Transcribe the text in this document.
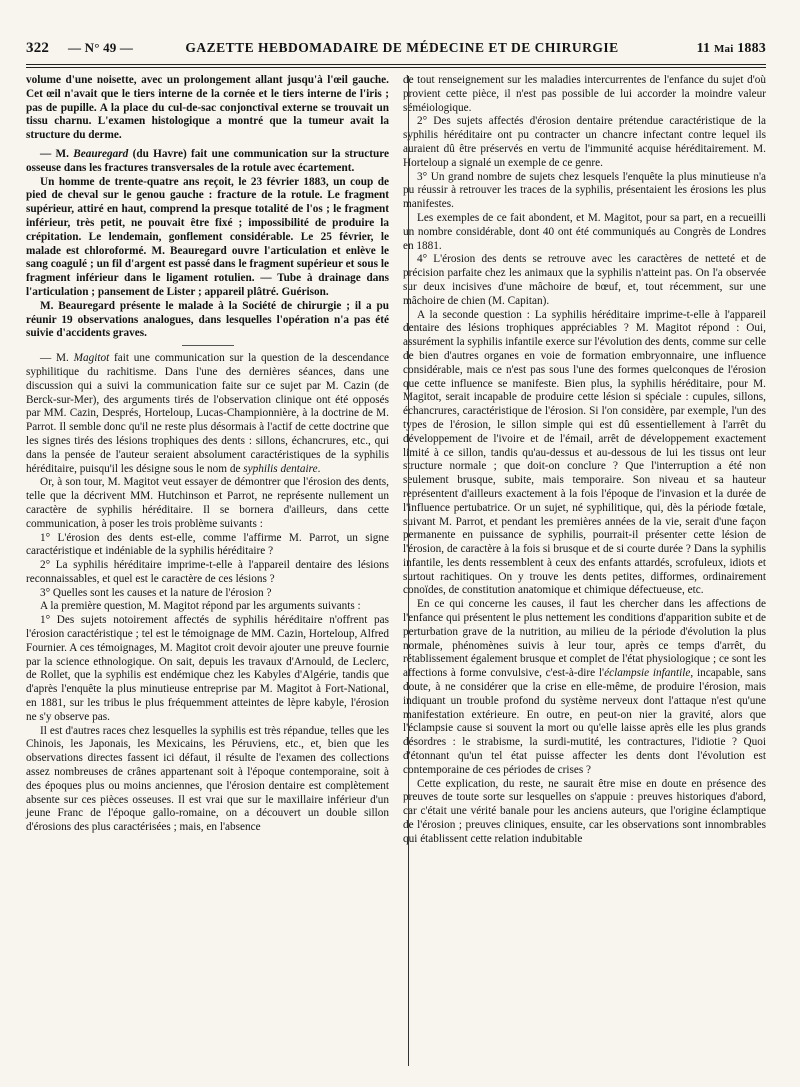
322	— N° 49 —	GAZETTE HEBDOMADAIRE DE MÉDECINE ET DE CHIRURGIE	11 Mai 1883

volume d'une noisette, avec un prolongement allant jusqu'à l'œil gauche. Cet œil n'avait que le tiers interne de la cornée et le tiers interne de l'iris ; pas de pupille. A la place du cul-de-sac conjonctival externe se trouvait un tissu charnu. L'examen histologique a montré que la tumeur avait la structure du derme.

— M. Beauregard (du Havre) fait une communication sur la structure osseuse dans les fractures transversales de la rotule avec écartement.

Un homme de trente-quatre ans reçoit, le 23 février 1883, un coup de pied de cheval sur le genou gauche : fracture de la rotule. Le fragment supérieur, attiré en haut, comprend la presque totalité de l'os ; le fragment inférieur, très petit, ne pouvait être fixé ; impossibilité de produire la crépitation. Le lendemain, gonflement considérable. Le 25 février, le malade est chloroformé. M. Beauregard ouvre l'articulation et enlève le sang coagulé ; un fil d'argent est passé dans le fragment supérieur et sous le fragment inférieur dans le ligament rotulien. — Tube à drainage dans l'articulation ; pansement de Lister ; appareil plâtré. Guérison.

M. Beauregard présente le malade à la Société de chirurgie ; il a pu réunir 19 observations analogues, dans lesquelles l'opération n'a pas été suivie d'accidents graves.

— M. Magitot fait une communication sur la question de la descendance syphilitique du rachitisme. Dans l'une des dernières séances, dans une discussion qui a suivi la communication faite sur ce sujet par M. Cazin (de Berck-sur-Mer), des arguments tirés de l'observation clinique ont été opposés par MM. Cazin, Després, Horteloup, Lucas-Championnière, à la doctrine de M. Parrot. Il semble donc qu'il ne reste plus désormais à l'actif de cette doctrine que les signes tirés des lésions trophiques des dents : sillons, échancrures, etc., qui dans la pensée de l'auteur seraient absolument caractéristiques de la syphilis héréditaire, puisqu'il les désigne sous le nom de syphilis dentaire.

Or, à son tour, M. Magitot veut essayer de démontrer que l'érosion des dents, telle que la décrivent MM. Hutchinson et Parrot, ne représente nullement un caractère de syphilis héréditaire. Il se bornera d'ailleurs, dans cette communication, à poser les trois problème suivants :

1° L'érosion des dents est-elle, comme l'affirme M. Parrot, un signe caractéristique et indéniable de la syphilis héréditaire ?

2° La syphilis héréditaire imprime-t-elle à l'appareil dentaire des lésions reconnaissables, et quel est le caractère de ces lésions ?

3° Quelles sont les causes et la nature de l'érosion ?

A la première question, M. Magitot répond par les arguments suivants :

1° Des sujets notoirement affectés de syphilis héréditaire n'offrent pas l'érosion caractéristique ; tel est le témoignage de MM. Cazin, Horteloup, Alfred Fournier. A ces témoignages, M. Magitot croit devoir ajouter une preuve fournie par la science ethnologique. On sait, depuis les travaux d'Arnould, de Leclerc, de Rollet, que la syphilis est endémique chez les Kabyles d'Algérie, tandis que d'après l'enquête la plus minutieuse entreprise par M. Magitot à Fort-National, en 1881, sur les tribus le plus fréquemment atteintes de lèpre kabyle, l'érosion ne s'y observe pas.

Il est d'autres races chez lesquelles la syphilis est très répandue, telles que les Chinois, les Japonais, les Mexicains, les Péruviens, etc., et, bien que les observations directes fassent ici défaut, il résulte de l'examen des collections assez nombreuses de crânes appartenant soit à l'époque contemporaine, soit à des époques plus ou moins anciennes, que l'érosion dentaire est complètement absente sur ces pièces osseuses. Il est vrai que sur le maxillaire inférieur d'un jeune Franc de l'époque gallo-romaine, on a découvert un double sillon d'érosions des plus caractérisées ; mais, en l'absence

de tout renseignement sur les maladies intercurrentes de l'enfance du sujet d'où provient cette pièce, il n'est pas possible de lui accorder la moindre valeur séméiologique.

2° Des sujets affectés d'érosion dentaire prétendue caractéristique de la syphilis héréditaire ont pu contracter un chancre infectant contre lequel ils auraient dû être préservés en vertu de l'immunité acquise héréditairement. M. Horteloup a signalé un exemple de ce genre.

3° Un grand nombre de sujets chez lesquels l'enquête la plus minutieuse n'a pu réussir à retrouver les traces de la syphilis, présentaient les érosions les plus manifestes.

Les exemples de ce fait abondent, et M. Magitot, pour sa part, en a recueilli un nombre considérable, dont 40 ont été communiqués au Congrès de Londres en 1881.

4° L'érosion des dents se retrouve avec les caractères de netteté et de précision parfaite chez les animaux que la syphilis n'atteint pas. On l'a observée sur deux incisives d'une mâchoire de bœuf, et, tout récemment, sur une mâchoire de chien (M. Capitan).

A la seconde question : La syphilis héréditaire imprime-t-elle à l'appareil dentaire des lésions trophiques appréciables ? M. Magitot répond : Oui, assurément la syphilis infantile exerce sur l'évolution des dents, comme sur celle de bien d'autres organes en voie de formation embryonnaire, une influence considérable, mais ce n'est pas sous l'une des formes quelconques de l'érosion que cette influence se manifeste. Bien plus, la syphilis héréditaire, pour M. Magitot, serait incapable de produire cette lésion si spéciale : cupules, sillons, échancrures, caractéristique de l'érosion. Si l'on considère, par exemple, l'un des types de l'érosion, le sillon simple qui est dû essentiellement à l'arrêt du développement de l'ivoire et de l'émail, arrêt de développement exactement limité à ce sillon, tandis qu'au-dessus et au-dessous de lui les tissus ont leur structure normale ; que doit-on conclure ? Que l'interruption a été non seulement brusque, subite, mais temporaire. Son niveau et sa hauteur représentent d'ailleurs exactement à la fois l'époque de l'invasion et la durée de l'influence pertubatrice. Or un sujet, né syphilitique, qui, dès la période fœtale, suivant M. Parrot, et pendant les premières années de la vie, serait d'une façon permanente en puissance de syphilis, pourrait-il présenter cette lésion de l'érosion, de caractère à la fois si brusque et de si courte durée ? Dans la syphilis infantile, les dents ressemblent à ceux des enfants attardés, scrofuleux, idiots et surtout rachitiques. On y trouve les dents petites, difformes, ordinairement conoïdes, de constitution anatomique et chimique défectueuse, etc.

En ce qui concerne les causes, il faut les chercher dans les affections de l'enfance qui présentent le plus nettement les conditions d'apparition subite et de perturbation grave de la nutrition, au milieu de la période d'évolution la plus normale, phénomènes suivis à leur tour, après ce temps d'arrêt, du rétablissement également brusque et complet de l'état physiologique ; ce sont les affections à forme convulsive, c'est-à-dire l'éclampsie infantile, incapable, sans doute, à ne considérer que la crise en elle-même, de produire l'érosion, mais indiquant un trouble profond du système nerveux dont l'attaque n'est qu'une manifestation extérieure. En outre, en peut-on nier la gravité, alors que l'éclampsie cause si souvent la mort ou qu'elle laisse après elle les plus grands désordres : le strabisme, la surdi-mutité, les contractures, l'idiotie ? Quoi d'étonnant qu'un tel état puisse affecter les dents dont l'évolution est contemporaine de ces périodes de crises ?

Cette explication, du reste, ne saurait être mise en doute en présence des preuves de toute sorte sur lesquelles on s'appuie : preuves historiques d'abord, car c'était une vérité banale pour les anciens auteurs, que l'origine éclamptique de l'érosion ; preuves cliniques, ensuite, car les observations sont innombrables qui établissent cette relation indubitable
